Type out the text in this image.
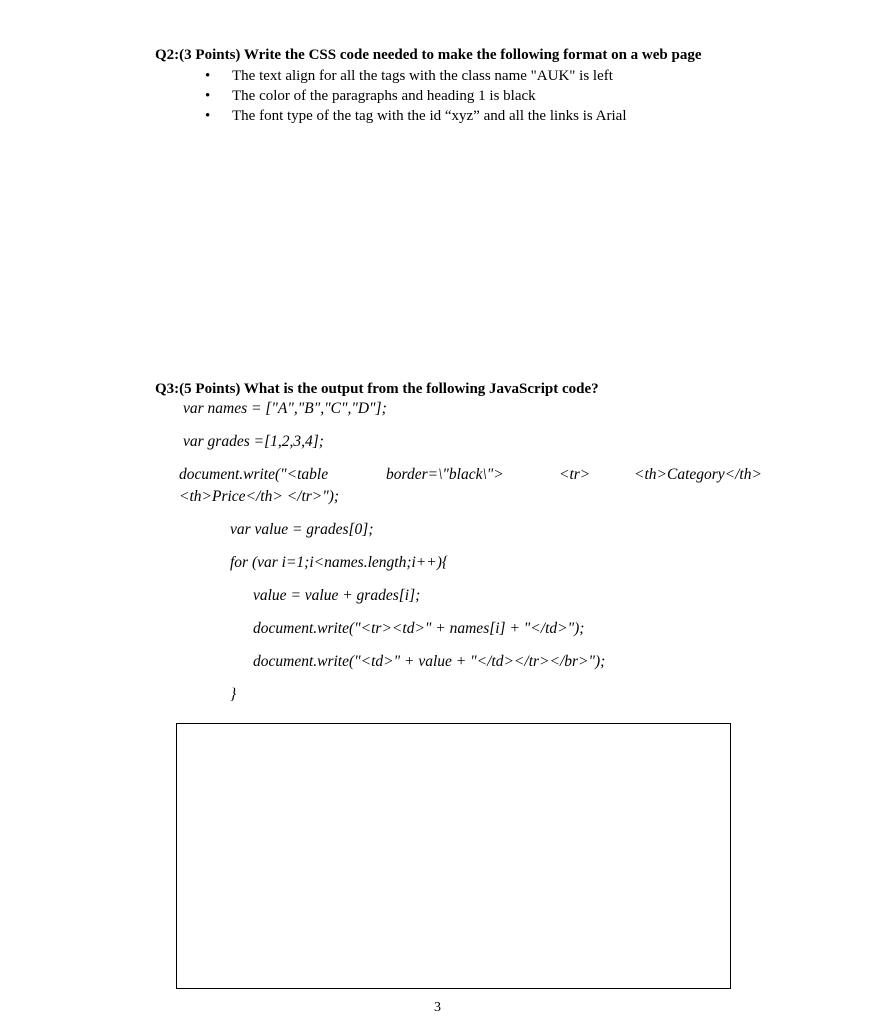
Q2:(3 Points) Write the CSS code needed to make the following format on a web page
• The text align for all the tags with the class name "AUK" is left
• The color of the paragraphs and heading 1 is black
• The font type of the tag with the id “xyz” and all the links is Arial
Q3:(5 Points) What is the output from the following JavaScript code?
var names = ["A","B","C","D"];
var grades =[1,2,3,4];
document.write("<table	border=\"black\">	<tr>	<th>Category</th>
<th>Price</th> </tr>");
var value = grades[0];
for (var i=1;i<names.length;i++){
value = value + grades[i];
document.write("<tr><td>" + names[i] + "</td>");
document.write("<td>" + value + "</td></tr></br>");
}
3
